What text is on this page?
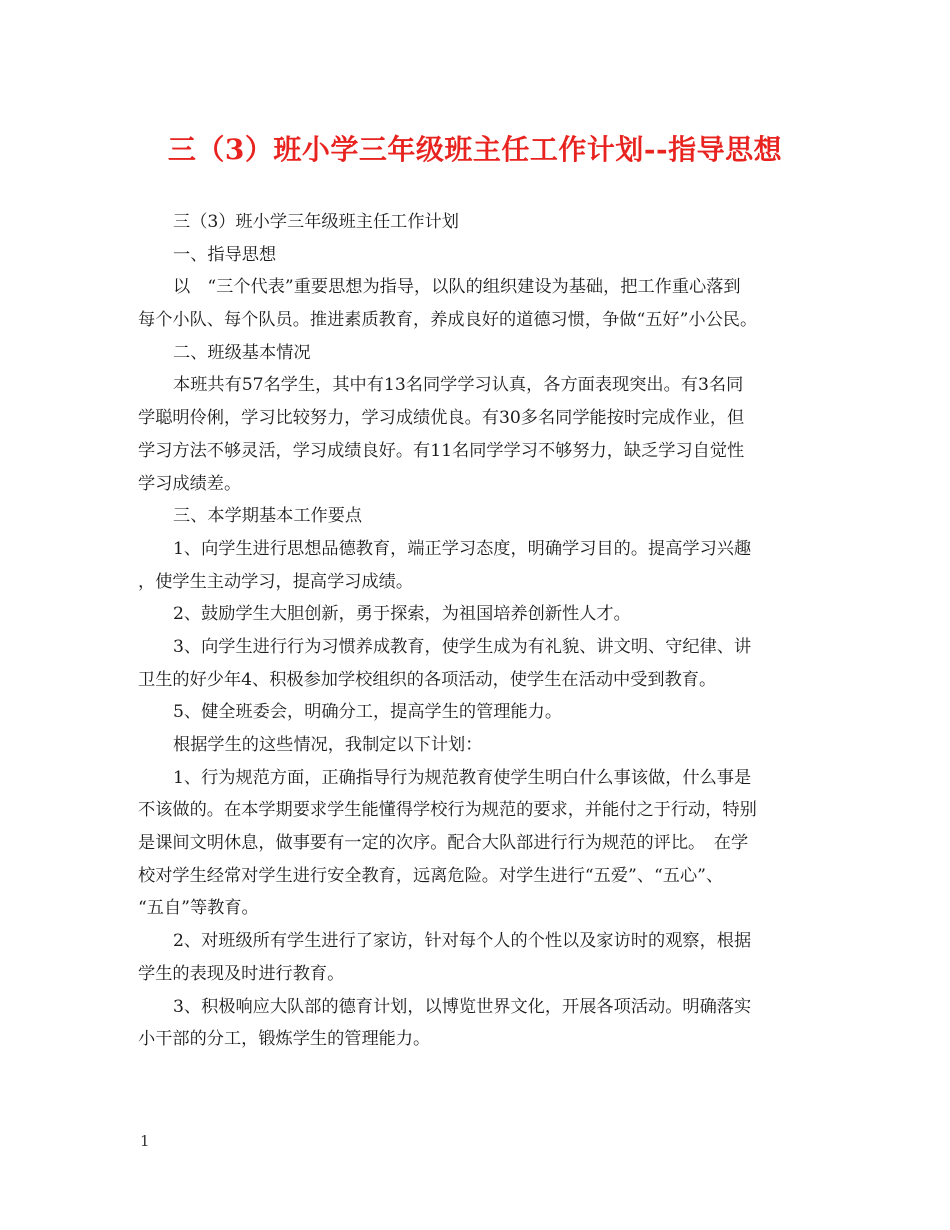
三（3）班小学三年级班主任工作计划--指导思想
三（3）班小学三年级班主任工作计划
一、指导思想
以　“三个代表”重要思想为指导，以队的组织建设为基础，把工作重心落到
每个小队、每个队员。推进素质教育，养成良好的道德习惯，争做“五好”小公民。
二、班级基本情况
本班共有57名学生，其中有13名同学学习认真，各方面表现突出。有3名同
学聪明伶俐，学习比较努力，学习成绩优良。有30多名同学能按时完成作业，但
学习方法不够灵活，学习成绩良好。有11名同学学习不够努力，缺乏学习自觉性
学习成绩差。
三、本学期基本工作要点
1、向学生进行思想品德教育，端正学习态度，明确学习目的。提高学习兴趣
，使学生主动学习，提高学习成绩。
2、鼓励学生大胆创新，勇于探索，为祖国培养创新性人才。
3、向学生进行行为习惯养成教育，使学生成为有礼貌、讲文明、守纪律、讲
卫生的好少年4、积极参加学校组织的各项活动，使学生在活动中受到教育。
5、健全班委会，明确分工，提高学生的管理能力。
根据学生的这些情况，我制定以下计划：
1、行为规范方面，正确指导行为规范教育使学生明白什么事该做，什么事是
不该做的。在本学期要求学生能懂得学校行为规范的要求，并能付之于行动，特别
是课间文明休息，做事要有一定的次序。配合大队部进行行为规范的评比。　在学
校对学生经常对学生进行安全教育，远离危险。对学生进行“五爱”、“五心”、
“五自”等教育。
2、对班级所有学生进行了家访，针对每个人的个性以及家访时的观察，根据
学生的表现及时进行教育。
3、积极响应大队部的德育计划，以博览世界文化，开展各项活动。明确落实
小干部的分工，锻炼学生的管理能力。
1
